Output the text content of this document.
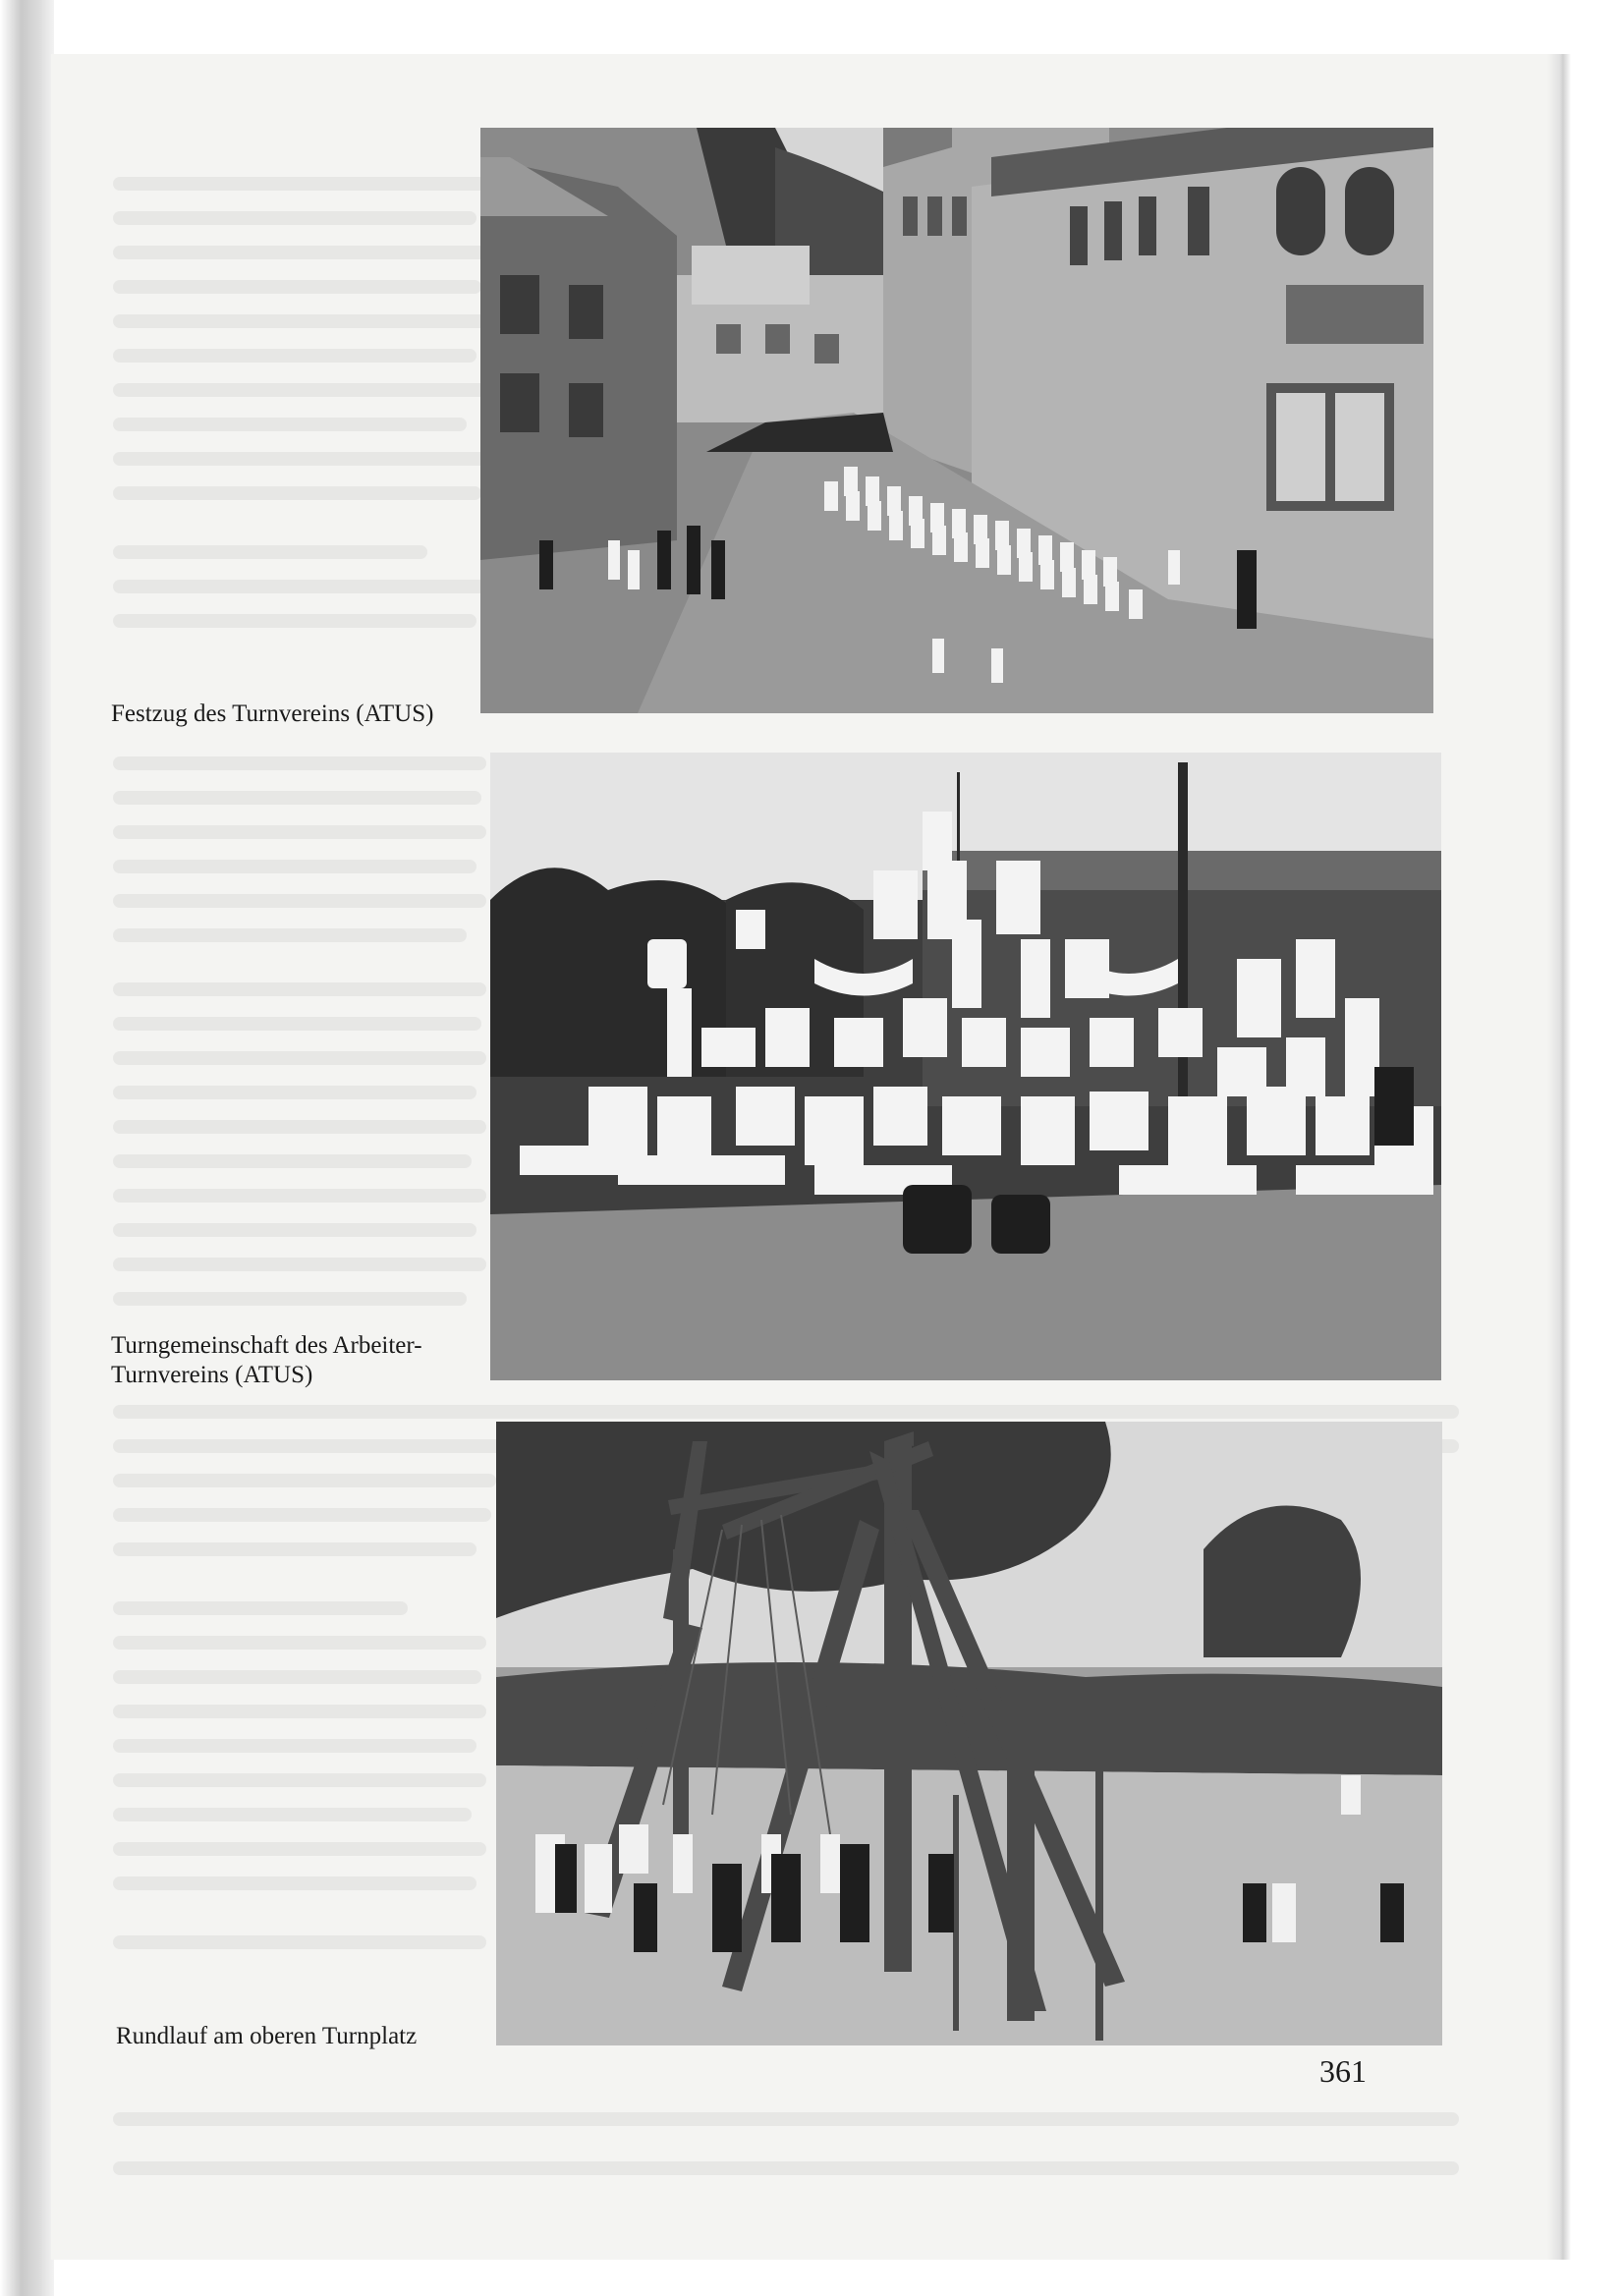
Festzug des Turnvereins (ATUS)
Turngemeinschaft des Arbeiter-
Turnvereins (ATUS)
Rundlauf am oberen Turnplatz
361
